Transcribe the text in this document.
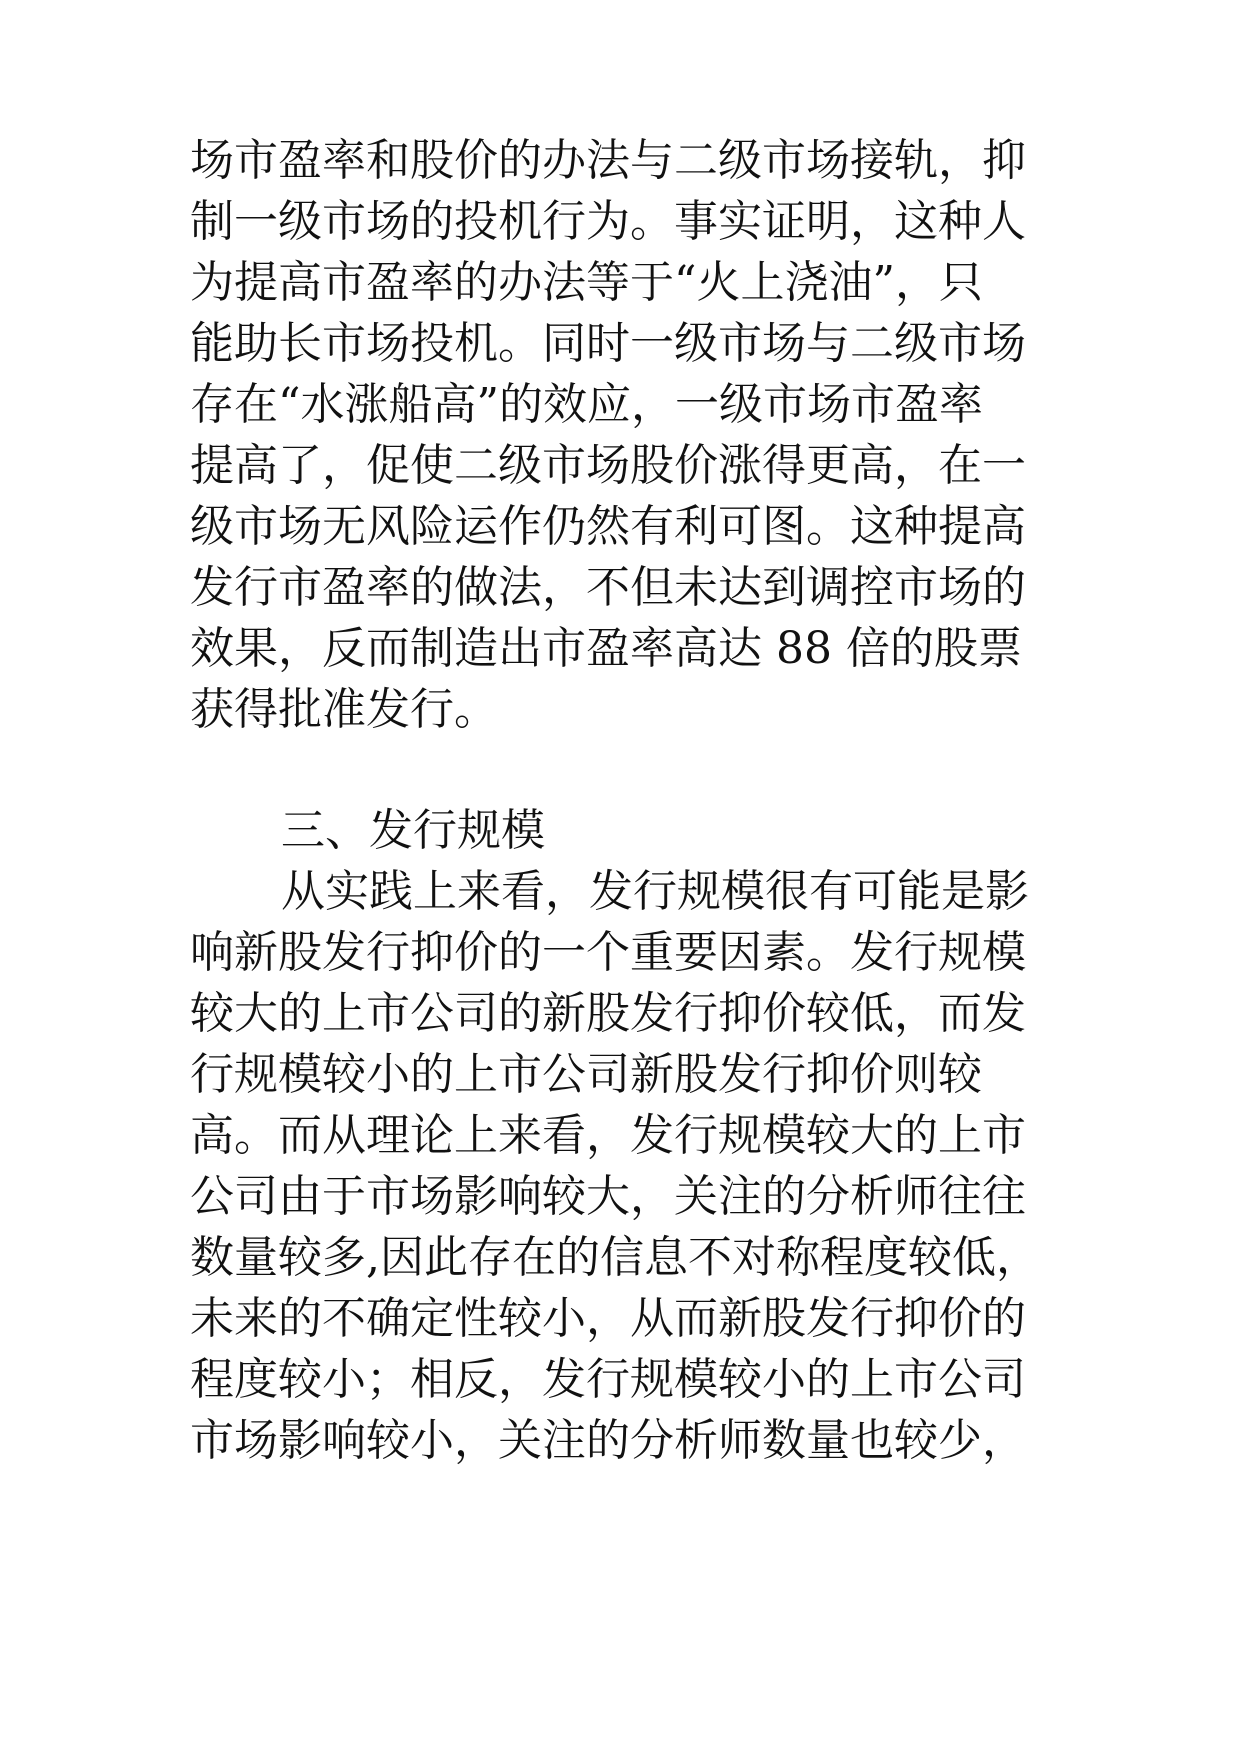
场市盈率和股价的办法与二级市场接轨，抑
制一级市场的投机行为。事实证明，这种人
为提高市盈率的办法等于“火上浇油”，只
能助长市场投机。同时一级市场与二级市场
存在“水涨船高”的效应，一级市场市盈率
提高了，促使二级市场股价涨得更高，在一
级市场无风险运作仍然有利可图。这种提高
发行市盈率的做法，不但未达到调控市场的
效果，反而制造出市盈率高达 88 倍的股票
获得批准发行。
三、发行规模
从实践上来看，发行规模很有可能是影
响新股发行抑价的一个重要因素。发行规模
较大的上市公司的新股发行抑价较低，而发
行规模较小的上市公司新股发行抑价则较
高。而从理论上来看，发行规模较大的上市
公司由于市场影响较大，关注的分析师往往
数量较多,因此存在的信息不对称程度较低，
未来的不确定性较小，从而新股发行抑价的
程度较小；相反，发行规模较小的上市公司
市场影响较小，关注的分析师数量也较少，
